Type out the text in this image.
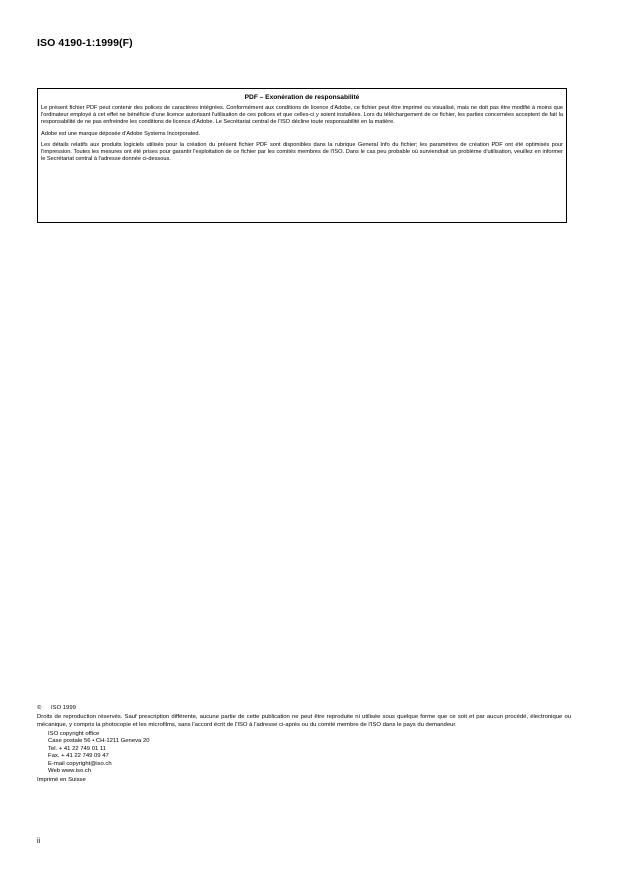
ISO 4190-1:1999(F)
PDF – Exonération de responsabilité

Le présent fichier PDF peut contenir des polices de caractères intégrées. Conformément aux conditions de licence d'Adobe, ce fichier peut être imprimé ou visualisé, mais ne doit pas être modifié à moins que l'ordinateur employé à cet effet ne bénéficie d'une licence autorisant l'utilisation de ces polices et que celles-ci y soient installées. Lors du téléchargement de ce fichier, les parties concernées acceptent de fait la responsabilité de ne pas enfreindre les conditions de licence d'Adobe. Le Secrétariat central de l'ISO décline toute responsabilité en la matière.

Adobe est une marque déposée d'Adobe Systems Incorporated.

Les détails relatifs aux produits logiciels utilisés pour la création du présent fichier PDF sont disponibles dans la rubrique General Info du fichier; les paramètres de création PDF ont été optimisés pour l'impression. Toutes les mesures ont été prises pour garantir l'exploitation de ce fichier par les comités membres de l'ISO. Dans le cas peu probable où surviendrait un problème d'utilisation, veuillez en informer le Secrétariat central à l'adresse donnée ci-dessous.

©	ISO 1999
Droits de reproduction réservés. Sauf prescription différente, aucune partie de cette publication ne peut être reproduite ni utilisée sous quelque forme que ce soit et par aucun procédé, électronique ou mécanique, y compris la photocopie et les microfilms, sans l'accord écrit de l'ISO à l'adresse ci-après ou du comité membre de l'ISO dans le pays du demandeur.
ISO copyright office
Case postale 56 • CH-1211 Geneva 20
Tel. + 41 22 749 01 11
Fax. + 41 22 749 09 47
E-mail copyright@iso.ch
Web www.iso.ch
Imprimé en Suisse
ii
